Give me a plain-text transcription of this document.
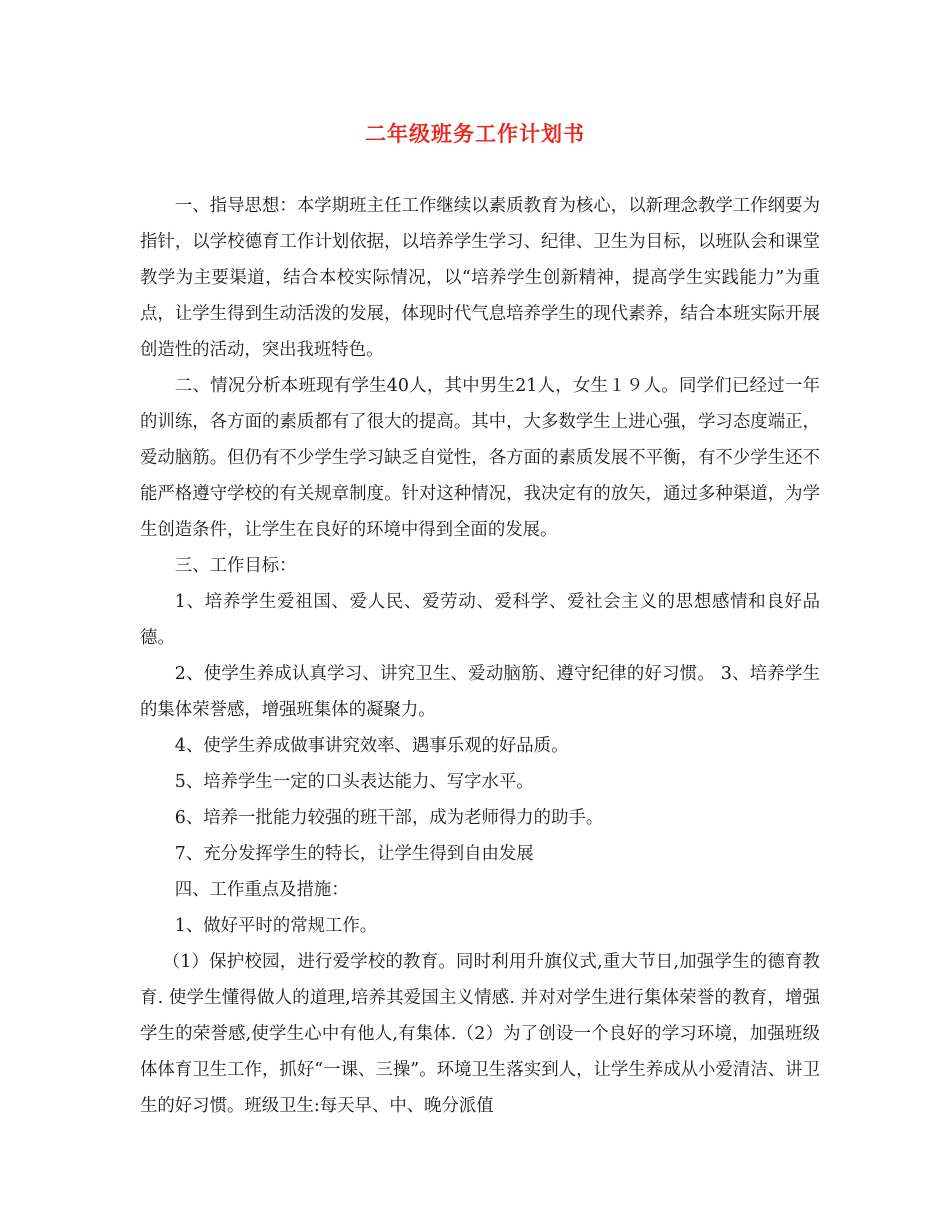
二年级班务工作计划书

一、指导思想：本学期班主任工作继续以素质教育为核心，以新理念教学工作纲要为指针，以学校德育工作计划依据，以培养学生学习、纪律、卫生为目标，以班队会和课堂教学为主要渠道，结合本校实际情况，以“培养学生创新精神，提高学生实践能力”为重点，让学生得到生动活泼的发展，体现时代气息培养学生的现代素养，结合本班实际开展创造性的活动，突出我班特色。

二、情况分析本班现有学生40人，其中男生21人，女生１９人。同学们已经过一年的训练，各方面的素质都有了很大的提高。其中，大多数学生上进心强，学习态度端正，爱动脑筋。但仍有不少学生学习缺乏自觉性，各方面的素质发展不平衡，有不少学生还不能严格遵守学校的有关规章制度。针对这种情况，我决定有的放矢，通过多种渠道，为学生创造条件，让学生在良好的环境中得到全面的发展。

三、工作目标：

1、培养学生爱祖国、爱人民、爱劳动、爱科学、爱社会主义的思想感情和良好品德。

2、使学生养成认真学习、讲究卫生、爱动脑筋、遵守纪律的好习惯。 3、培养学生的集体荣誉感，增强班集体的凝聚力。

4、使学生养成做事讲究效率、遇事乐观的好品质。

5、培养学生一定的口头表达能力、写字水平。

6、培养一批能力较强的班干部，成为老师得力的助手。

7、充分发挥学生的特长，让学生得到自由发展

四、工作重点及措施：

1、做好平时的常规工作。

（1）保护校园，进行爱学校的教育。同时利用升旗仪式,重大节日,加强学生的德育教育. 使学生懂得做人的道理,培养其爱国主义情感. 并对对学生进行集体荣誉的教育，增强学生的荣誉感,使学生心中有他人,有集体.（2）为了创设一个良好的学习环境，加强班级体体育卫生工作，抓好“一课、三操”。环境卫生落实到人，让学生养成从小爱清洁、讲卫生的好习惯。班级卫生:每天早、中、晚分派值
